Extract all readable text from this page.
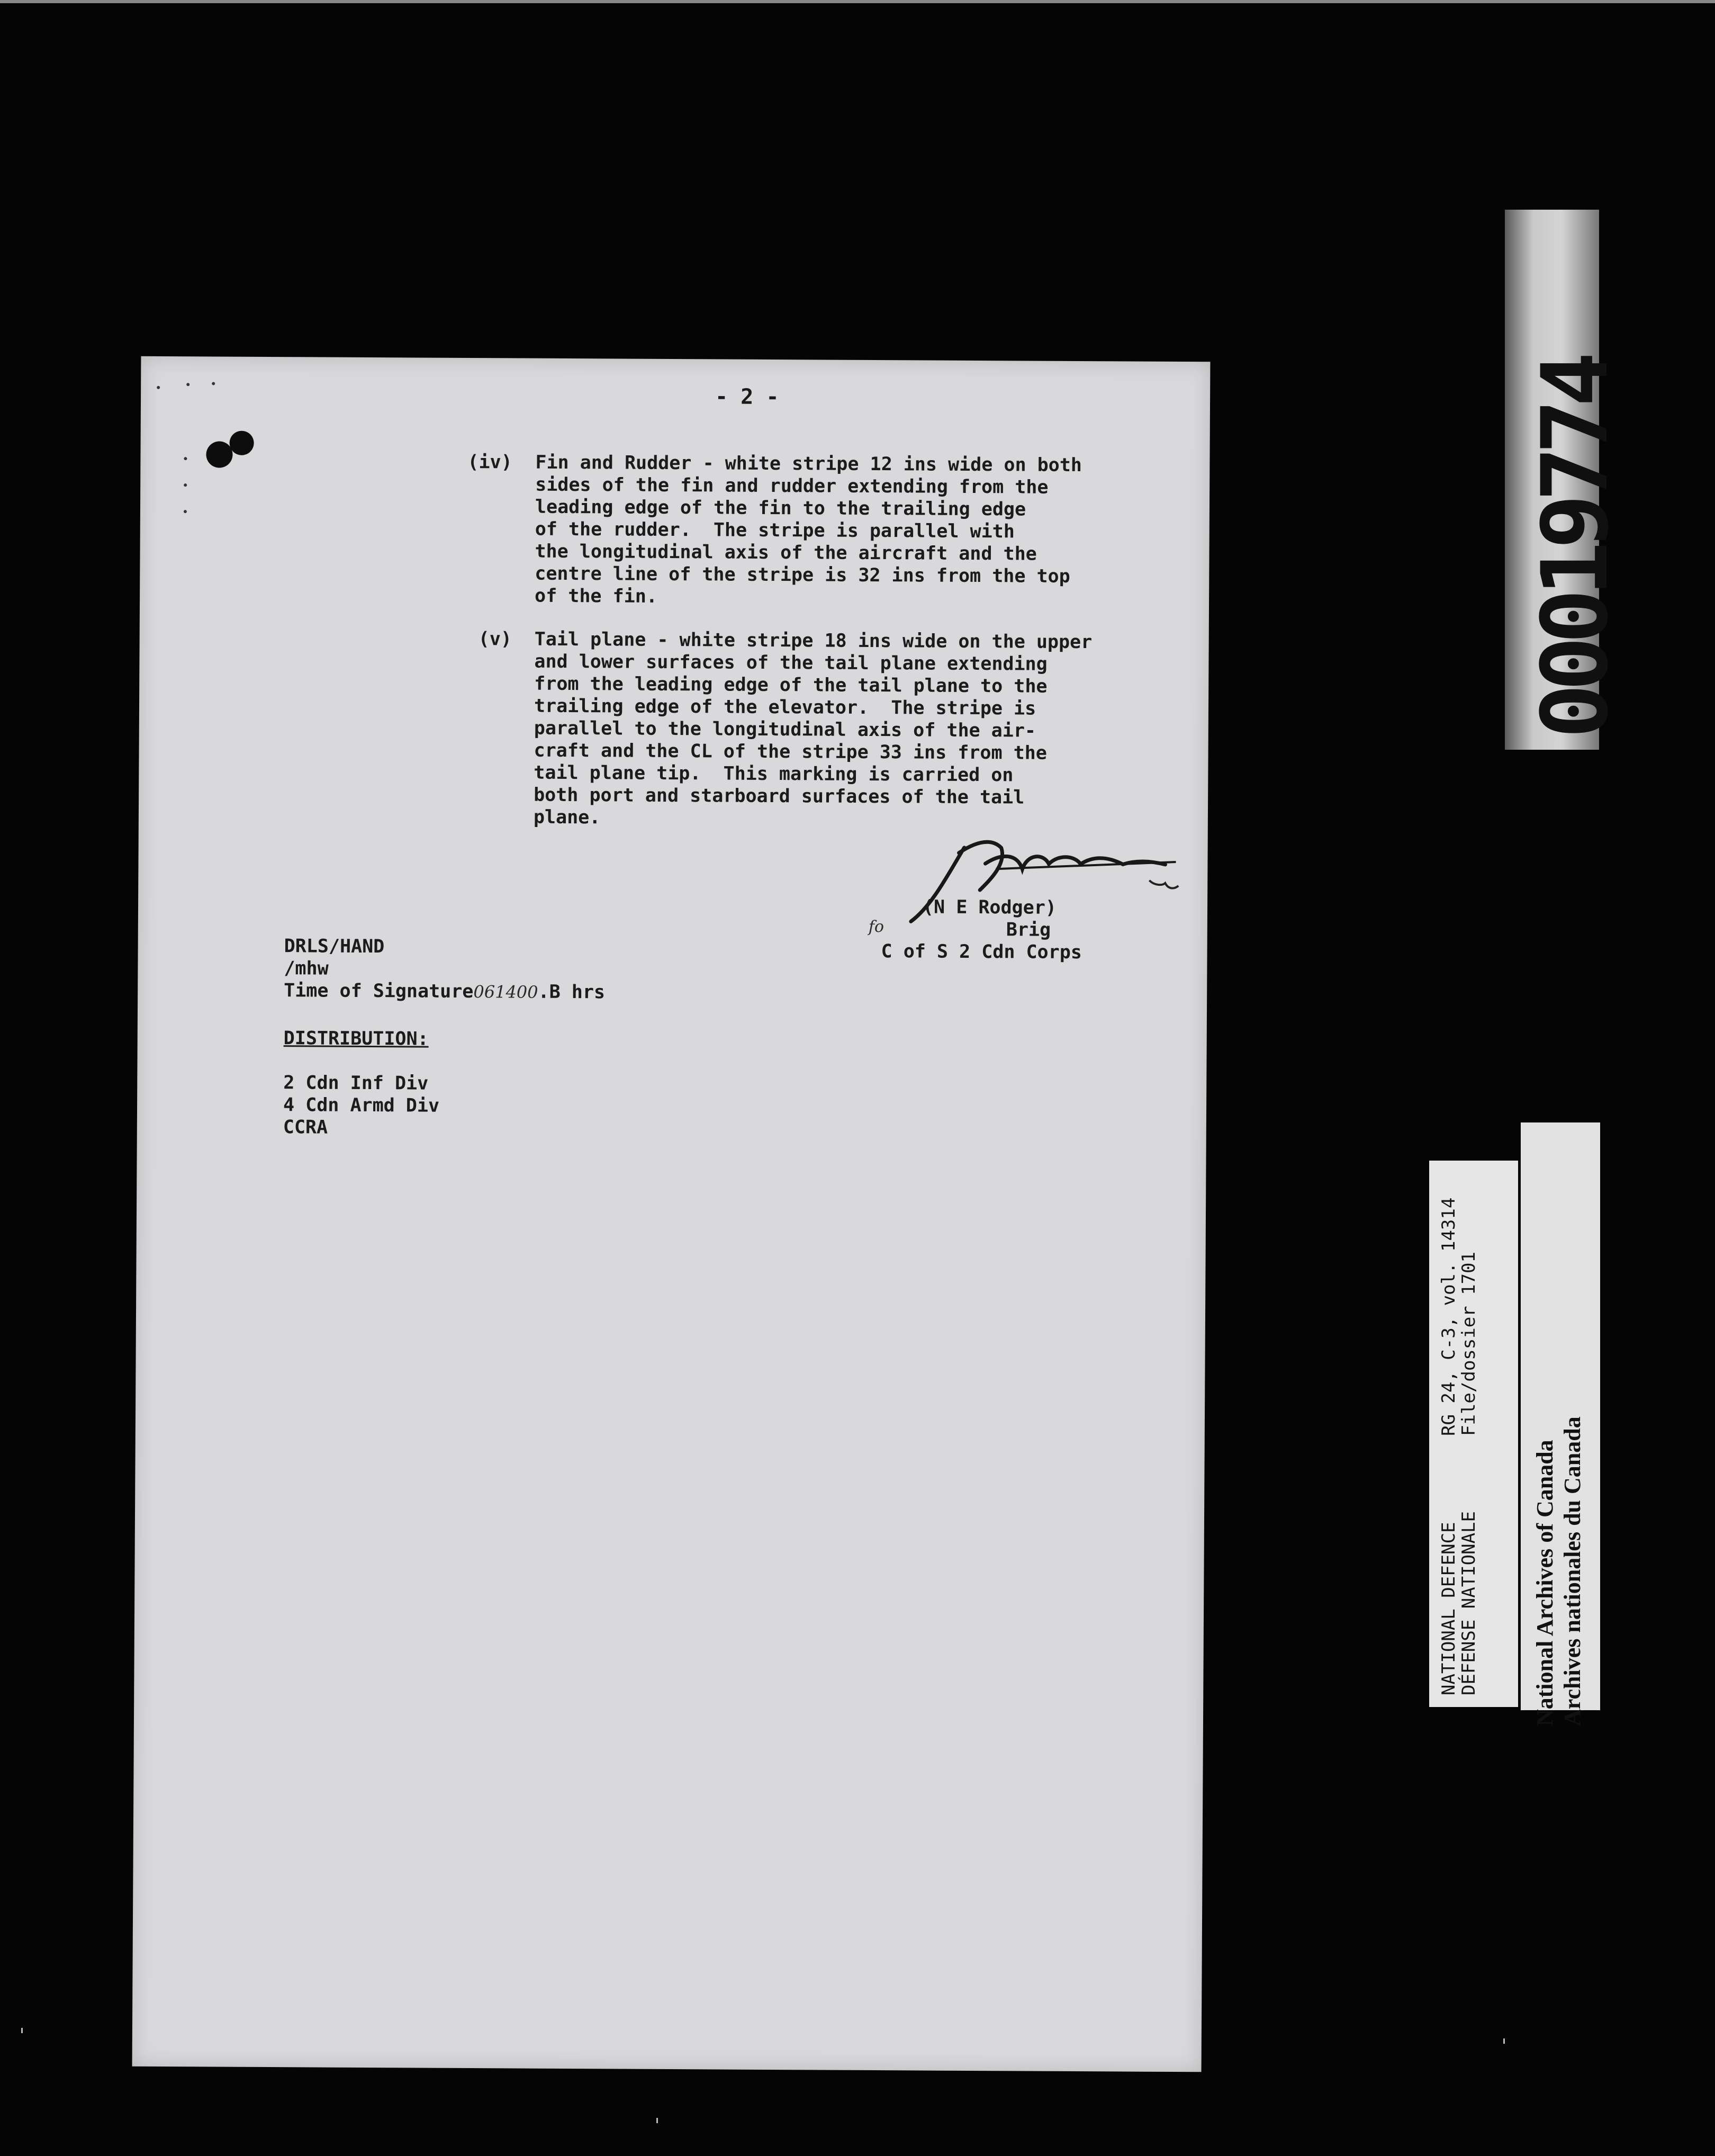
- 2 -
(iv) Fin and Rudder - white stripe 12 ins wide on both
sides of the fin and rudder extending from the
leading edge of the fin to the trailing edge
of the rudder.  The stripe is parallel with
the longitudinal axis of the aircraft and the
centre line of the stripe is 32 ins from the top
of the fin.
(v) Tail plane - white stripe 18 ins wide on the upper
and lower surfaces of the tail plane extending
from the leading edge of the tail plane to the
trailing edge of the elevator.  The stripe is
parallel to the longitudinal axis of the air-
craft and the CL of the stripe 33 ins from the
tail plane tip.  This marking is carried on
both port and starboard surfaces of the tail
plane.
fo
(N E Rodger)
Brig
C of S 2 Cdn Corps
DRLS/HAND
/mhw
Time of Signature061400.B hrs
DISTRIBUTION:
2 Cdn Inf Div
4 Cdn Armd Div
CCRA
00019774
NATIONAL DEFENCE
DÉFENSE NATIONALE
RG 24, C-3, vol. 14314
File/dossier 1701
National Archives of Canada Archives nationales du Canada
